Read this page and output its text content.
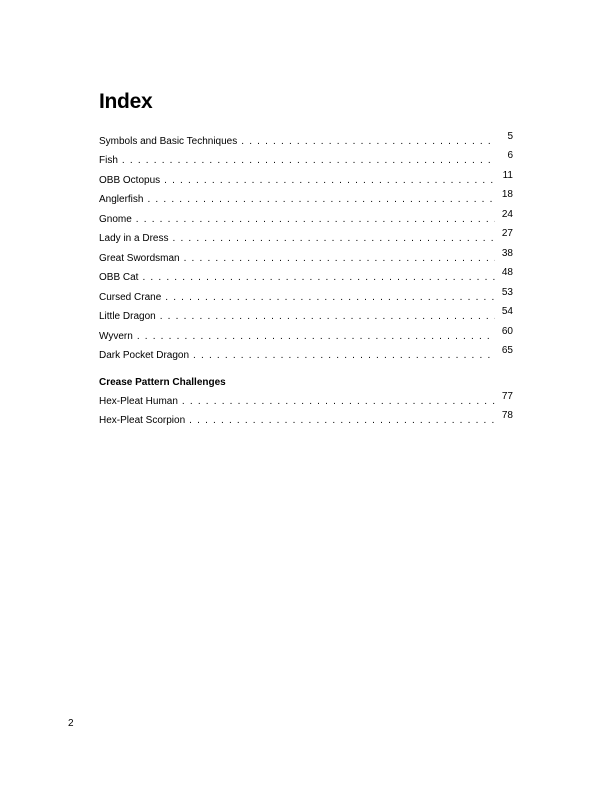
Index
Symbols and Basic Techniques . . .	5
Fish . . .	6
OBB Octopus . . .	11
Anglerfish . . .	18
Gnome . . .	24
Lady in a Dress . . .	27
Great Swordsman . . .	38
OBB Cat . . .	48
Cursed Crane . . .	53
Little Dragon . . .	54
Wyvern . . .	60
Dark Pocket Dragon . . .	65
Crease Pattern Challenges
Hex-Pleat Human . . .	77
Hex-Pleat Scorpion . . .	78
2
